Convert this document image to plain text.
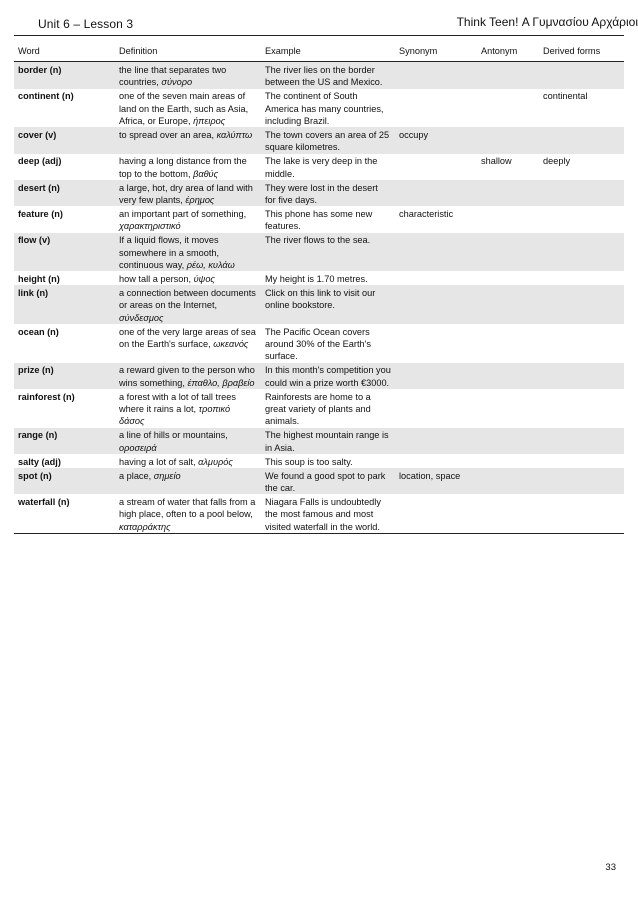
Unit 6 – Lesson 3	Think Teen! Α Γυμνασίου Αρχάριοι
Word	Definition	Example	Synonym	Antonym	Derived forms
border (n)	the line that separates two countries, σύνορο	The river lies on the border between the US and Mexico.			
continent (n)	one of the seven main areas of land on the Earth, such as Asia, Africa, or Europe, ήπειρος	The continent of South America has many countries, including Brazil.			continental
cover (v)	to spread over an area, καλύπτω	The town covers an area of 25 square kilometres.	occupy		
deep (adj)	having a long distance from the top to the bottom, βαθύς	The lake is very deep in the middle.		shallow	deeply
desert (n)	a large, hot, dry area of land with very few plants, έρημος	They were lost in the desert for five days.			
feature (n)	an important part of something, χαρακτηριστικό	This phone has some new features.	characteristic		
flow (v)	If a liquid flows, it moves somewhere in a smooth, continuous way, ρέω, κυλάω	The river flows to the sea.			
height (n)	how tall a person, ύψος	My height is 1.70 metres.			
link (n)	a connection between documents or areas on the Internet, σύνδεσμος	Click on this link to visit our online bookstore.			
ocean (n)	one of the very large areas of sea on the Earth's surface, ωκεανός	The Pacific Ocean covers around 30% of the Earth's surface.			
prize (n)	a reward given to the person who wins something, έπαθλο, βραβείο	In this month's competition you could win a prize worth €3000.			
rainforest (n)	a forest with a lot of tall trees where it rains a lot, τροπικό δάσος	Rainforests are home to a great variety of plants and animals.			
range (n)	a line of hills or mountains, οροσειρά	The highest mountain range is in Asia.			
salty (adj)	having a lot of salt, αλμυρός	This soup is too salty.			
spot (n)	a place, σημείο	We found a good spot to park the car.	location, space		
waterfall (n)	a stream of water that falls from a high place, often to a pool below, καταρράκτης	Niagara Falls is undoubtedly the most famous and most visited waterfall in the world.			
33
